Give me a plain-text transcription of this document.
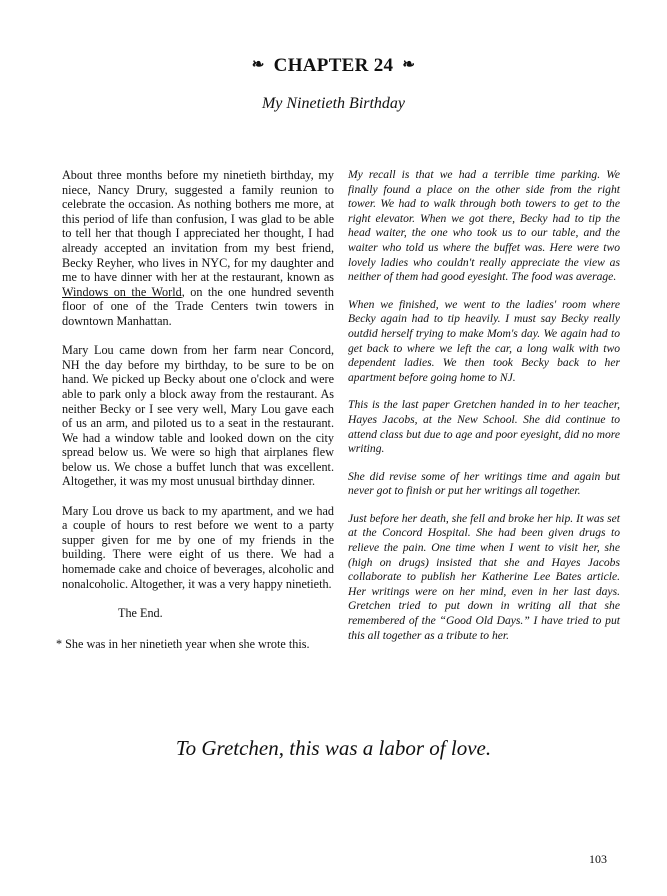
❧ CHAPTER 24 ❧
My Ninetieth Birthday

About three months before my ninetieth birthday, my niece, Nancy Drury, suggested a family reunion to celebrate the occasion. As nothing bothers me more, at this period of life than confusion, I was glad to be able to tell her that though I appreciated her thought, I had already accepted an invitation from my best friend, Becky Reyher, who lives in NYC, for my daughter and me to have dinner with her at the restaurant, known as Windows on the World, on the one hundred seventh floor of one of the Trade Centers twin towers in downtown Manhattan.

Mary Lou came down from her farm near Concord, NH the day before my birthday, to be sure to be on hand. We picked up Becky about one o'clock and were able to park only a block away from the restaurant. As neither Becky or I see very well, Mary Lou gave each of us an arm, and piloted us to a seat in the restaurant. We had a window table and looked down on the city spread below us. We were so high that airplanes flew below us. We chose a buffet lunch that was excellent. Altogether, it was my most unusual birthday dinner.

Mary Lou drove us back to my apartment, and we had a couple of hours to rest before we went to a party supper given for me by one of my friends in the building. There were eight of us there. We had a homemade cake and choice of beverages, alcoholic and nonalcoholic. Altogether, it was a very happy ninetieth.

The End.

* She was in her ninetieth year when she wrote this.

My recall is that we had a terrible time parking. We finally found a place on the other side from the right tower. We had to walk through both towers to get to the right elevator. When we got there, Becky had to tip the head waiter, the one who took us to our table, and the waiter who told us where the buffet was. Here were two lovely ladies who couldn't really appreciate the view as neither of them had good eyesight. The food was average.

When we finished, we went to the ladies' room where Becky again had to tip heavily. I must say Becky really outdid herself trying to make Mom's day. We again had to get back to where we left the car, a long walk with two dependent ladies. We then took Becky back to her apartment before going home to NJ.

This is the last paper Gretchen handed in to her teacher, Hayes Jacobs, at the New School. She did continue to attend class but due to age and poor eyesight, did no more writing.

She did revise some of her writings time and again but never got to finish or put her writings all together.

Just before her death, she fell and broke her hip. It was set at the Concord Hospital. She had been given drugs to relieve the pain. One time when I went to visit her, she (high on drugs) insisted that she and Hayes Jacobs collaborate to publish her Katherine Lee Bates article. Her writings were on her mind, even in her last days. Gretchen tried to put down in writing all that she remembered of the “Good Old Days.” I have tried to put this all together as a tribute to her.

To Gretchen, this was a labor of love.
103
